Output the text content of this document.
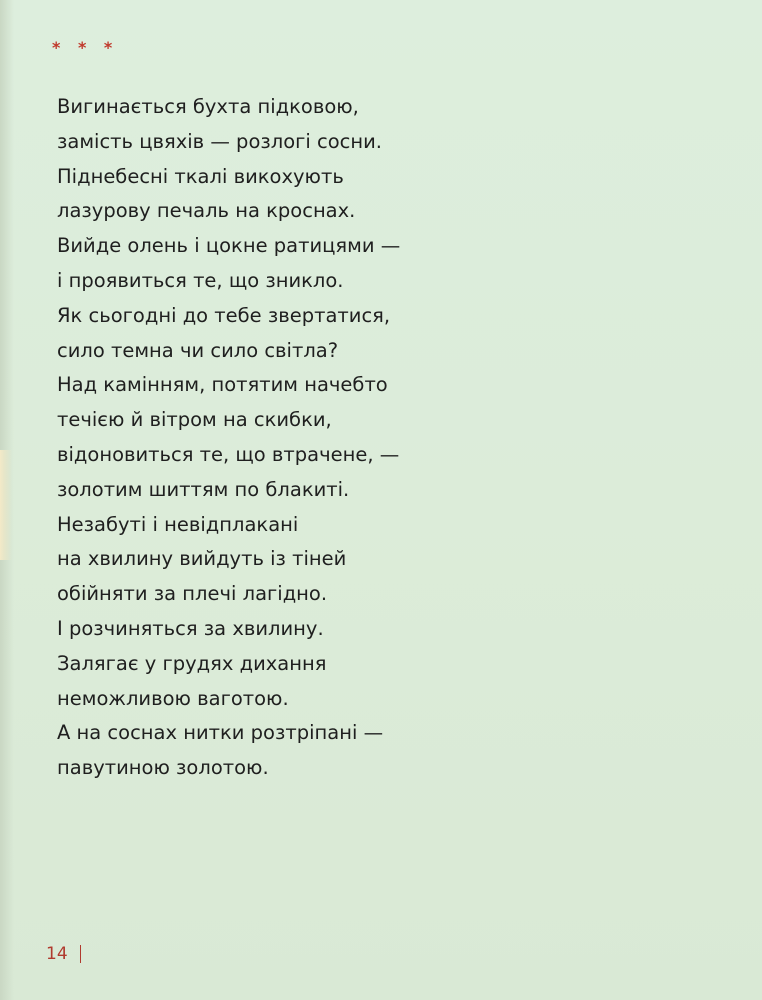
* * *
Вигинається бухта підковою,
замість цвяхів — розлогі сосни.
Піднебесні ткалі викохують
лазурову печаль на кроснах.
Вийде олень і цокне ратицями —
і проявиться те, що зникло.
Як сьогодні до тебе звертатися,
сило темна чи сило світла?
Над камінням, потятим начебто
течією й вітром на скибки,
відоновиться те, що втрачене, —
золотим шиттям по блакиті.
Незабуті і невідплакані
на хвилину вийдуть із тіней
обійняти за плечі лагідно.
І розчиняться за хвилину.
Залягає у грудях дихання
неможливою ваготою.
А на соснах нитки розтріпані —
павутиною золотою.
14
